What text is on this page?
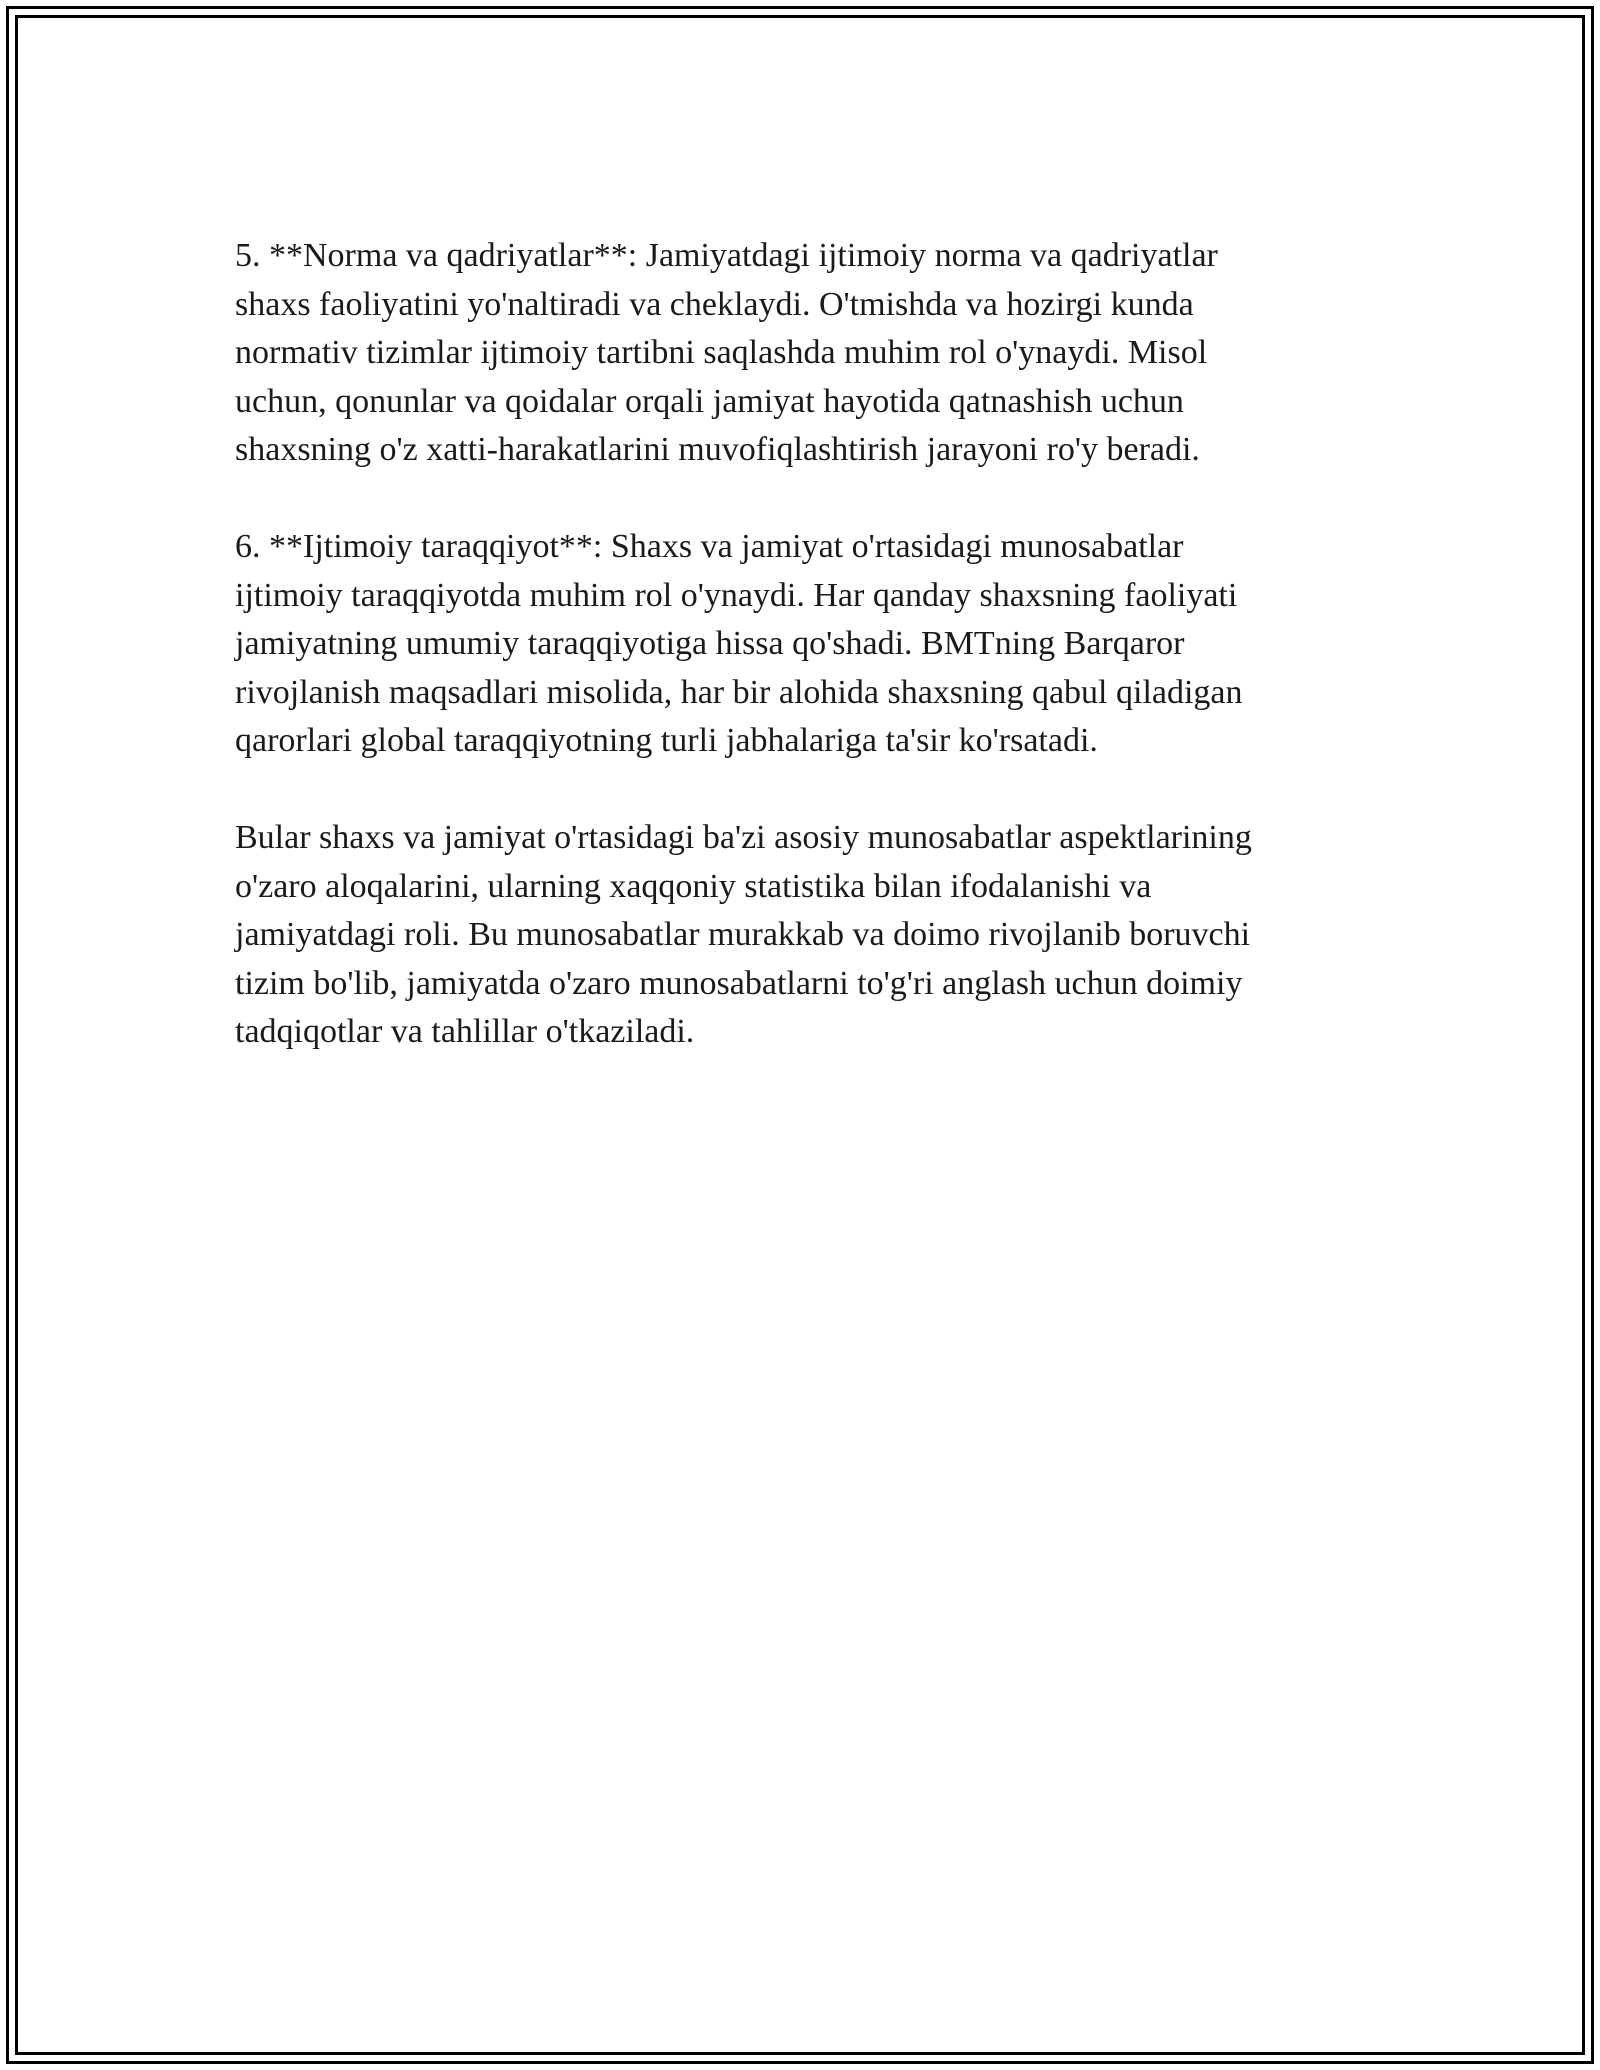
5. **Norma va qadriyatlar**: Jamiyatdagi ijtimoiy norma va qadriyatlar
shaxs faoliyatini yo'naltiradi va cheklaydi. O'tmishda va hozirgi kunda
normativ tizimlar ijtimoiy tartibni saqlashda muhim rol o'ynaydi. Misol
uchun, qonunlar va qoidalar orqali jamiyat hayotida qatnashish uchun
shaxsning o'z xatti-harakatlarini muvofiqlashtirish jarayoni ro'y beradi.

6. **Ijtimoiy taraqqiyot**: Shaxs va jamiyat o'rtasidagi munosabatlar
ijtimoiy taraqqiyotda muhim rol o'ynaydi. Har qanday shaxsning faoliyati
jamiyatning umumiy taraqqiyotiga hissa qo'shadi. BMTning Barqaror
rivojlanish maqsadlari misolida, har bir alohida shaxsning qabul qiladigan
qarorlari global taraqqiyotning turli jabhalariga ta'sir ko'rsatadi.

Bular shaxs va jamiyat o'rtasidagi ba'zi asosiy munosabatlar aspektlarining
o'zaro aloqalarini, ularning xaqqoniy statistika bilan ifodalanishi va
jamiyatdagi roli. Bu munosabatlar murakkab va doimo rivojlanib boruvchi
tizim bo'lib, jamiyatda o'zaro munosabatlarni to'g'ri anglash uchun doimiy
tadqiqotlar va tahlillar o'tkaziladi.
